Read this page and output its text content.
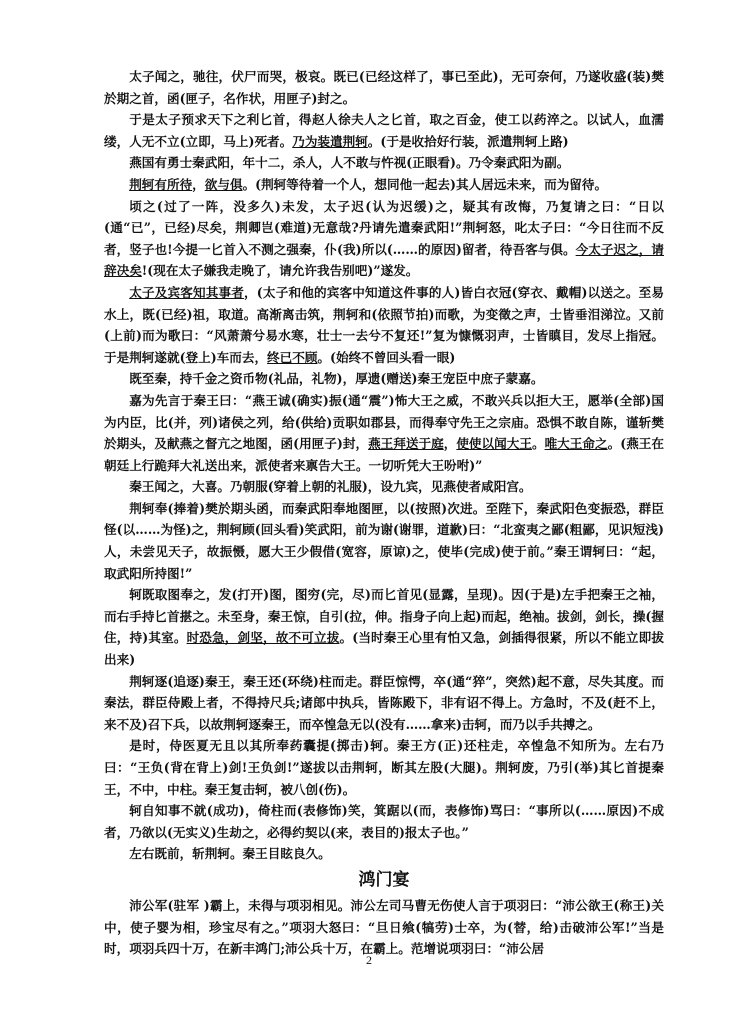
太子闻之，驰往，伏尸而哭，极哀。既已(已经这样了，事已至此)，无可奈何，乃遂收盛(装)樊於期之首，函(匣子，名作状，用匣子)封之。

于是太子预求天下之利匕首，得赵人徐夫人之匕首，取之百金，使工以药淬之。以试人，血濡缕，人无不立(立即，马上)死者。乃为装遣荆轲。(于是收拾好行装，派遣荆轲上路)

燕国有勇士秦武阳，年十二，杀人，人不敢与忤视(正眼看)。乃令秦武阳为副。

荆轲有所待，欲与俱。(荆轲等待着一个人，想同他一起去)其人居远未来，而为留待。

顷之(过了一阵，没多久)未发，太子迟(认为迟缓)之，疑其有改悔，乃复请之曰：“日以(通“已”，已经)尽矣，荆卿岂(难道)无意哉?丹请先遣秦武阳!”荆轲怒，叱太子曰：“今日往而不反者，竖子也!今提一匕首入不测之强秦，仆(我)所以(……的原因)留者，待吾客与俱。今太子迟之，请辞决矣!(现在太子嫌我走晚了，请允许我告别吧)”遂发。

太子及宾客知其事者，(太子和他的宾客中知道这件事的人)皆白衣冠(穿衣、戴帽)以送之。至易水上，既(已经)祖，取道。高渐离击筑，荆轲和(依照节拍)而歌，为变徵之声，士皆垂泪涕泣。又前(上前)而为歌曰：“风萧萧兮易水寒，壮士一去兮不复还!”复为慷慨羽声，士皆瞋目，发尽上指冠。于是荆轲遂就(登上)车而去，终已不顾。(始终不曾回头看一眼)

既至秦，持千金之资币物(礼品，礼物)，厚遗(赠送)秦王宠臣中庶子蒙嘉。

嘉为先言于秦王曰：“燕王诚(确实)振(通“震”)怖大王之威，不敢兴兵以拒大王，愿举(全部)国为内臣，比(并，列)诸侯之列，给(供给)贡职如郡县，而得奉守先王之宗庙。恐惧不敢自陈，谨斩樊於期头，及献燕之督亢之地图，函(用匣子)封，燕王拜送于庭，使使以闻大王。唯大王命之。(燕王在朝廷上行跪拜大礼送出来，派使者来禀告大王。一切听凭大王吩咐)”

秦王闻之，大喜。乃朝服(穿着上朝的礼服)，设九宾，见燕使者咸阳宫。

荆轲奉(捧着)樊於期头函，而秦武阳奉地图匣，以(按照)次进。至陛下，秦武阳色变振恐，群臣怪(以……为怪)之，荆轲顾(回头看)笑武阳，前为谢(谢罪，道歉)曰：“北蛮夷之鄙(粗鄙，见识短浅)人，未尝见天子，故振慑，愿大王少假借(宽容，原谅)之，使毕(完成)使于前。”秦王谓轲曰：“起，取武阳所持图!”

轲既取图奉之，发(打开)图，图穷(完，尽)而匕首见(显露，呈现)。因(于是)左手把秦王之袖，而右手持匕首揕之。未至身，秦王惊，自引(拉，伸。指身子向上起)而起，绝袖。拔剑，剑长，操(握住，持)其室。时恐急，剑坚，故不可立拔。(当时秦王心里有怕又急，剑插得很紧，所以不能立即拔出来)

荆轲逐(追逐)秦王，秦王还(环绕)柱而走。群臣惊愕，卒(通“猝”，突然)起不意，尽失其度。而秦法，群臣侍殿上者，不得持尺兵;诸郎中执兵，皆陈殿下，非有诏不得上。方急时，不及(赶不上，来不及)召下兵，以故荆轲逐秦王，而卒惶急无以(没有……拿来)击轲，而乃以手共搏之。

是时，侍医夏无且以其所奉药囊提(掷击)轲。秦王方(正)还柱走，卒惶急不知所为。左右乃曰：“王负(背在背上)剑!王负剑!”遂拔以击荆轲，断其左股(大腿)。荆轲废，乃引(举)其匕首提秦王，不中，中柱。秦王复击轲，被八创(伤)。

轲自知事不就(成功)，倚柱而(表修饰)笑，箕踞以(而，表修饰)骂曰：“事所以(……原因)不成者，乃欲以(无实义)生劫之，必得约契以(来，表目的)报太子也。”

左右既前，斩荆轲。秦王目眩良久。

鸿门宴

沛公军(驻军 )霸上，未得与项羽相见。沛公左司马曹无伤使人言于项羽曰：“沛公欲王(称王)关中，使子婴为相，珍宝尽有之。”项羽大怒曰：“旦日飨(犒劳)士卒，为(替，给)击破沛公军!”当是时，项羽兵四十万，在新丰鸿门;沛公兵十万，在霸上。范增说项羽曰：“沛公居

2
